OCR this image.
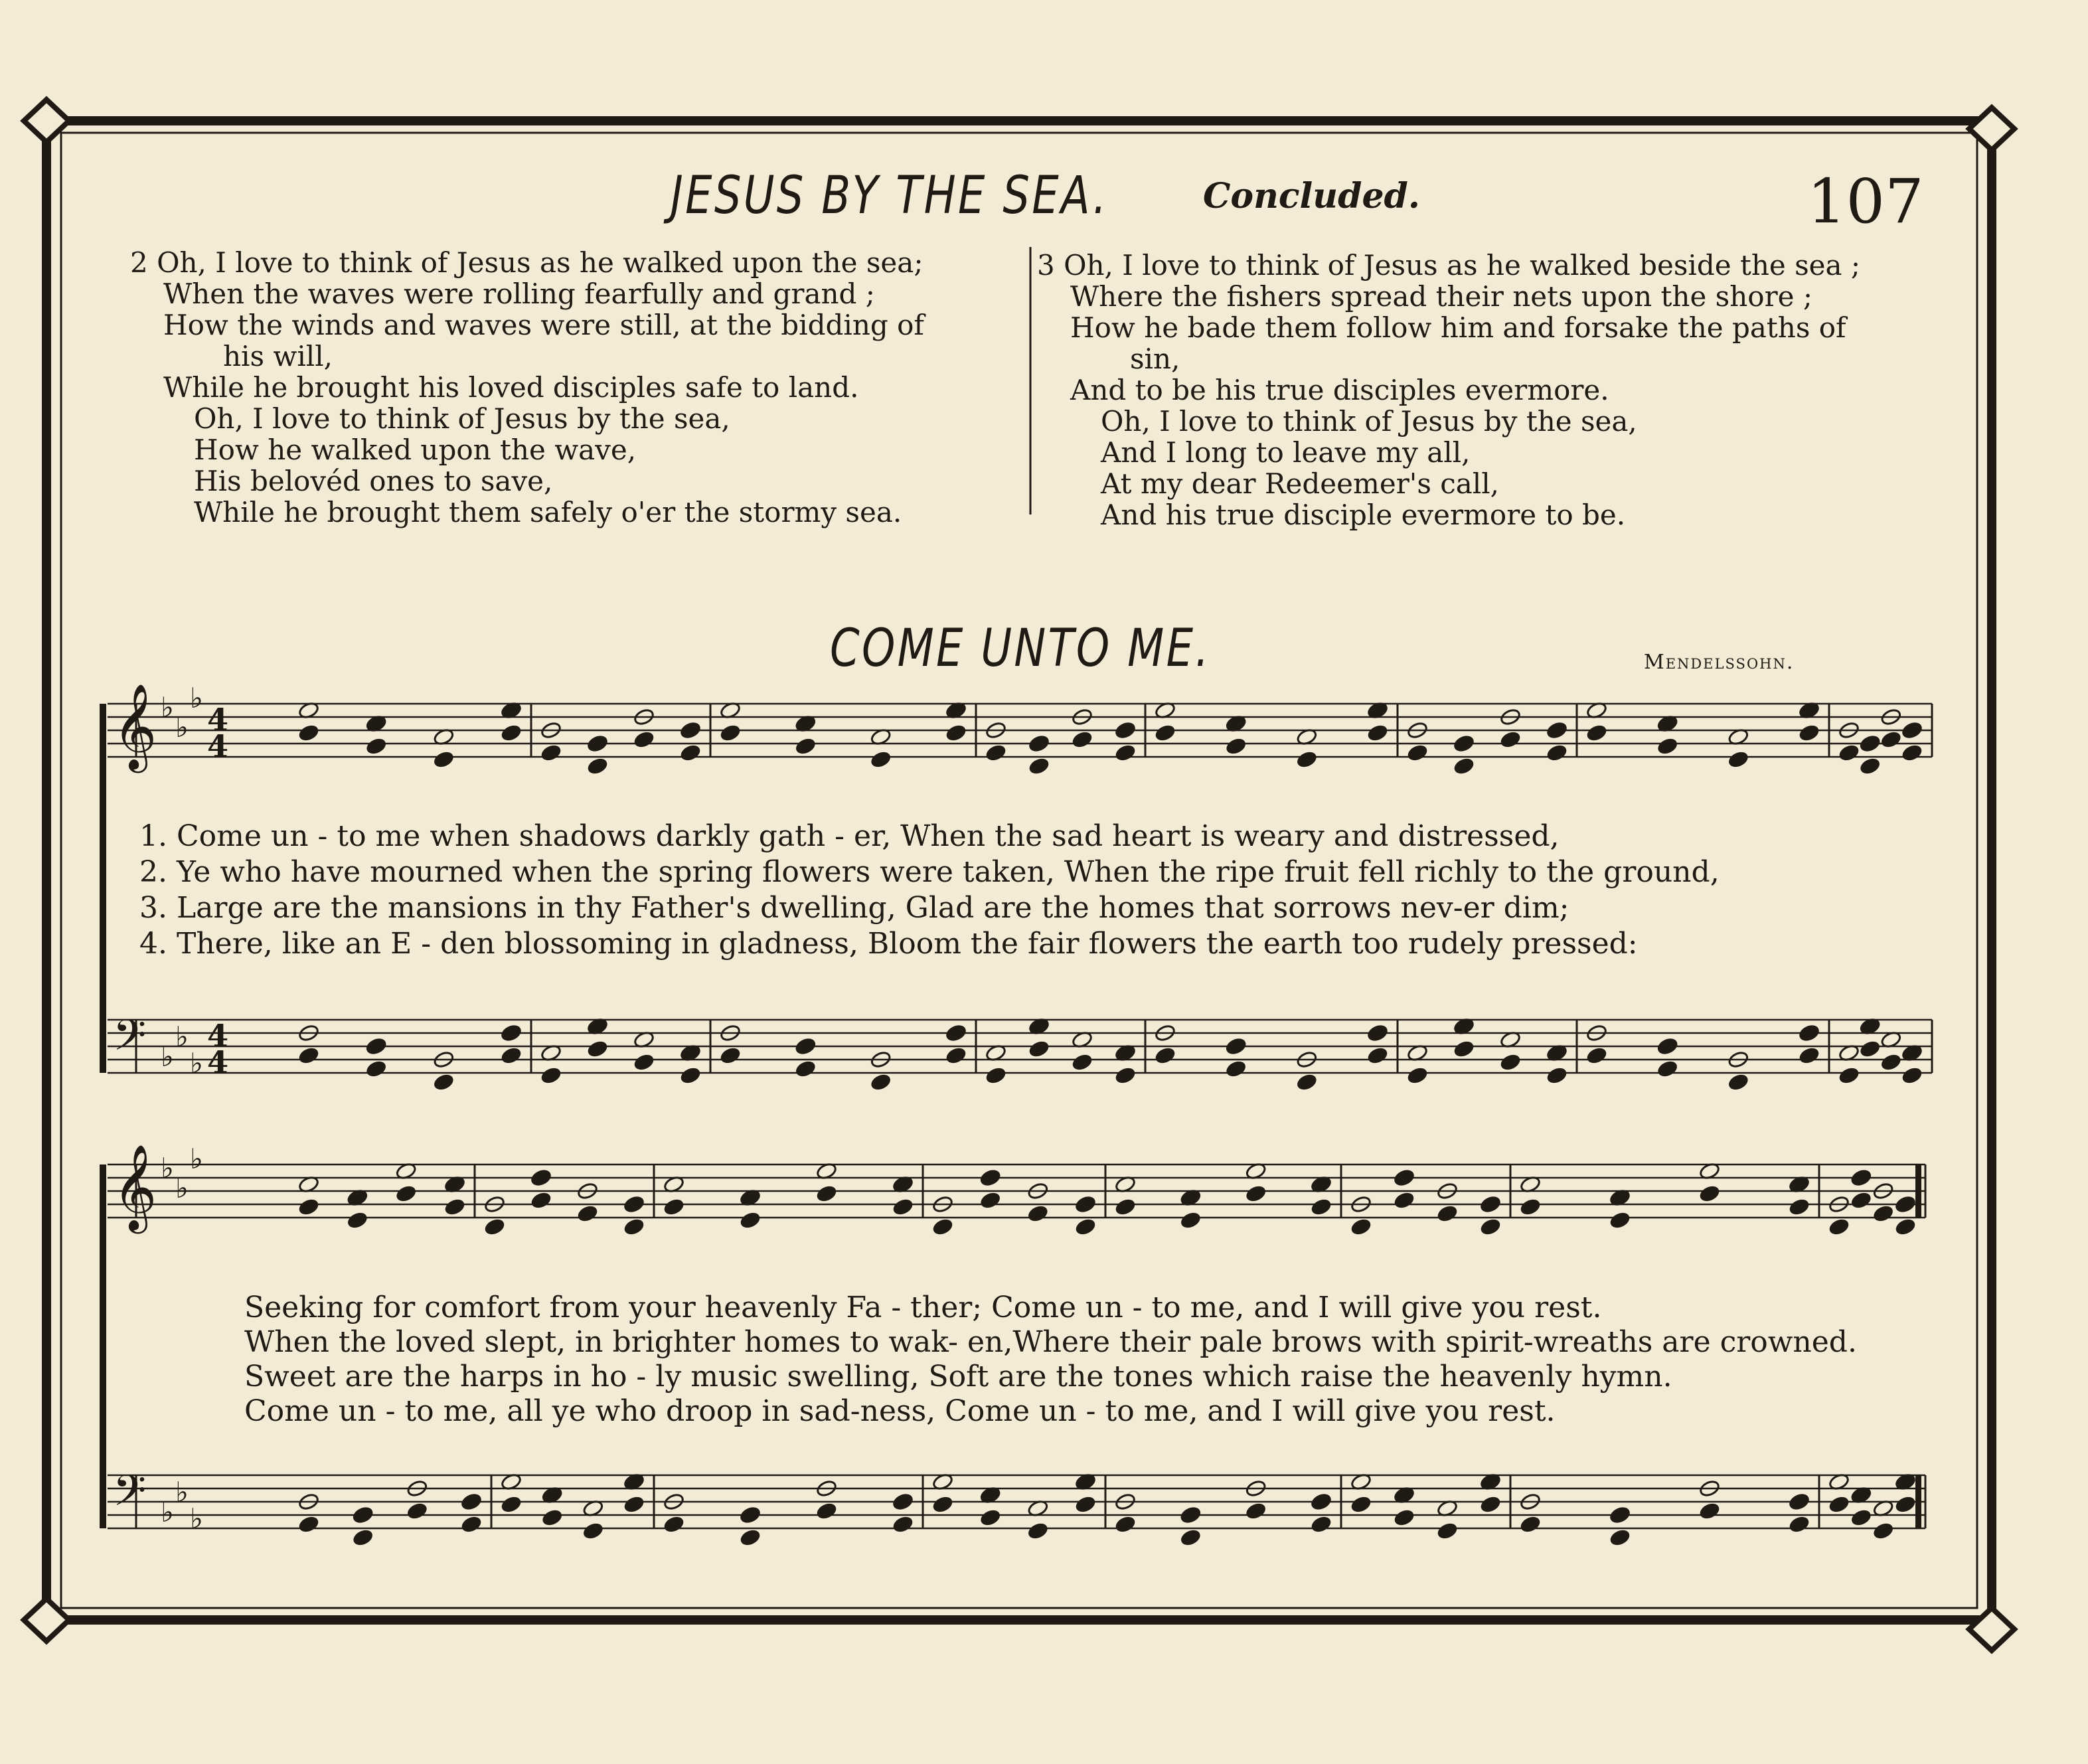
JESUS BY THE SEA.	Concluded.	107
2 Oh, I love to think of Jesus as he walked upon the sea;
When the waves were rolling fearfully and grand ;
How the winds and waves were still, at the bidding of
his will,
While he brought his loved disciples safe to land.
Oh, I love to think of Jesus by the sea,
How he walked upon the wave,
His belovéd ones to save,
While he brought them safely o'er the stormy sea.
3 Oh, I love to think of Jesus as he walked beside the sea ;
Where the fishers spread their nets upon the shore ;
How he bade them follow him and forsake the paths of
sin,
And to be his true disciples evermore.
Oh, I love to think of Jesus by the sea,
And I long to leave my all,
At my dear Redeemer's call,
And his true disciple evermore to be.
COME UNTO ME.	Mendelssohn.
𝄞 ♭
♭
♭
4
4
𝄢 ♭
♭
♭
4
4
𝄞 ♭
♭
♭
𝄢 ♭
♭
♭
1. Come un - to me when shadows darkly gath - er, When the sad heart is weary and distressed,
2. Ye who have mourned when the spring flowers were taken, When the ripe fruit fell richly to the ground,
3. Large are the mansions in thy Father's dwelling, Glad are the homes that sorrows nev-er dim;
4. There, like an E - den blossoming in gladness, Bloom the fair flowers the earth too rudely pressed:
Seeking for comfort from your heavenly Fa - ther; Come un - to me, and I will give you rest.
When the loved slept, in brighter homes to wak- en,Where their pale brows with spirit-wreaths are crowned.
Sweet are the harps in ho - ly music swelling, Soft are the tones which raise the heavenly hymn.
Come un - to me, all ye who droop in sad-ness, Come un - to me, and I will give you rest.
